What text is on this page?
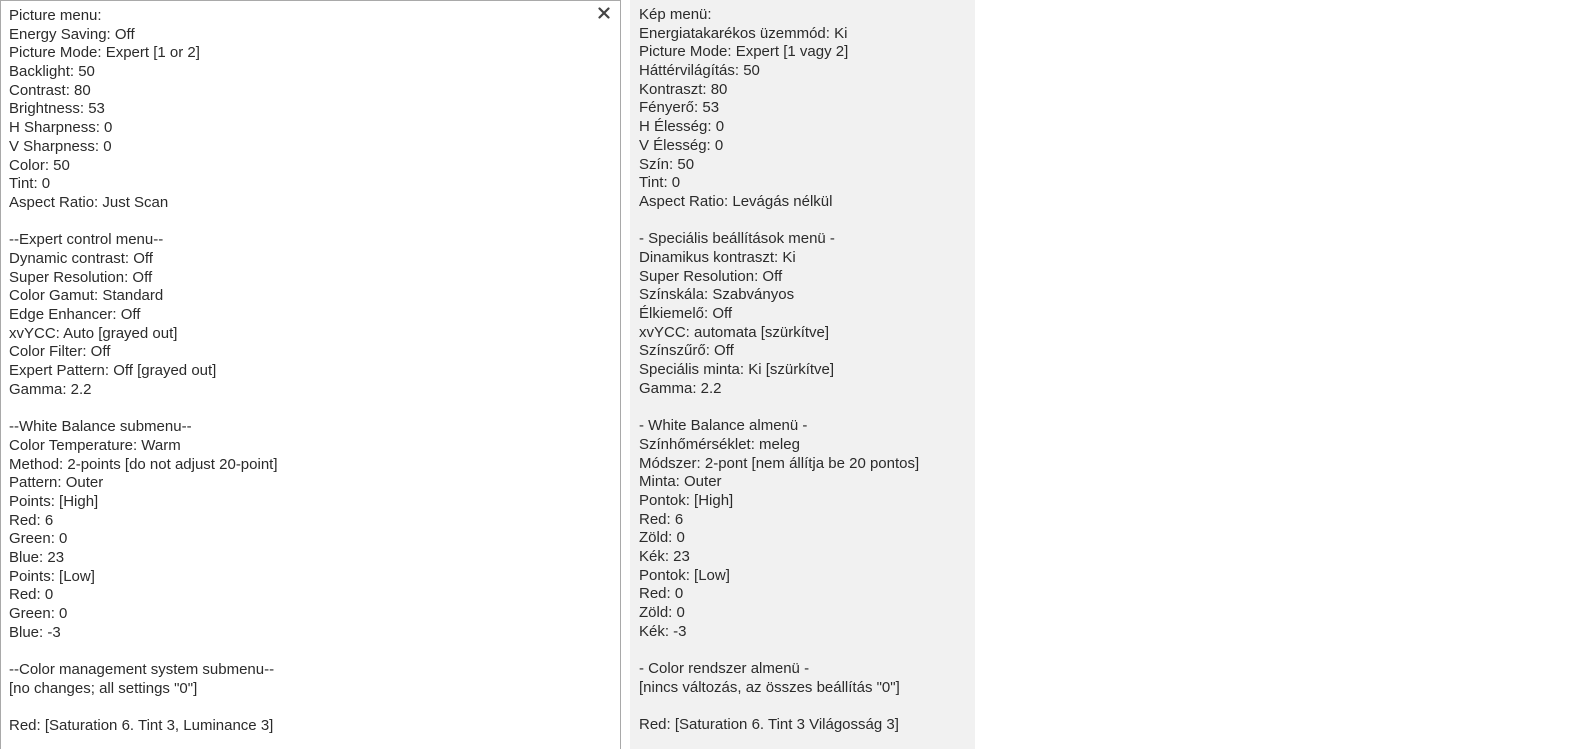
Picture menu:
Energy Saving: Off
Picture Mode: Expert [1 or 2]
Backlight: 50
Contrast: 80
Brightness: 53
H Sharpness: 0
V Sharpness: 0
Color: 50
Tint: 0
Aspect Ratio: Just Scan
--Expert control menu--
Dynamic contrast: Off
Super Resolution: Off
Color Gamut: Standard
Edge Enhancer: Off
xvYCC: Auto [grayed out]
Color Filter: Off
Expert Pattern: Off [grayed out]
Gamma: 2.2
--White Balance submenu--
Color Temperature: Warm
Method: 2-points [do not adjust 20-point]
Pattern: Outer
Points: [High]
Red: 6
Green: 0
Blue: 23
Points: [Low]
Red: 0
Green: 0
Blue: -3
--Color management system submenu--
[no changes; all settings "0"]
Red: [Saturation 6. Tint 3, Luminance 3]
Kép menü:
Energiatakarékos üzemmód: Ki
Picture Mode: Expert [1 vagy 2]
Háttérvilágítás: 50
Kontraszt: 80
Fényerő: 53
H Élesség: 0
V Élesség: 0
Szín: 50
Tint: 0
Aspect Ratio: Levágás nélkül
- Speciális beállítások menü -
Dinamikus kontraszt: Ki
Super Resolution: Off
Színskála: Szabványos
Élkiemelő: Off
xvYCC: automata [szürkítve]
Színszűrő: Off
Speciális minta: Ki [szürkítve]
Gamma: 2.2
- White Balance almenü -
Színhőmérséklet: meleg
Módszer: 2-pont [nem állítja be 20 pontos]
Minta: Outer
Pontok: [High]
Red: 6
Zöld: 0
Kék: 23
Pontok: [Low]
Red: 0
Zöld: 0
Kék: -3
- Color rendszer almenü -
[nincs változás, az összes beállítás "0"]
Red: [Saturation 6. Tint 3 Világosság 3]
